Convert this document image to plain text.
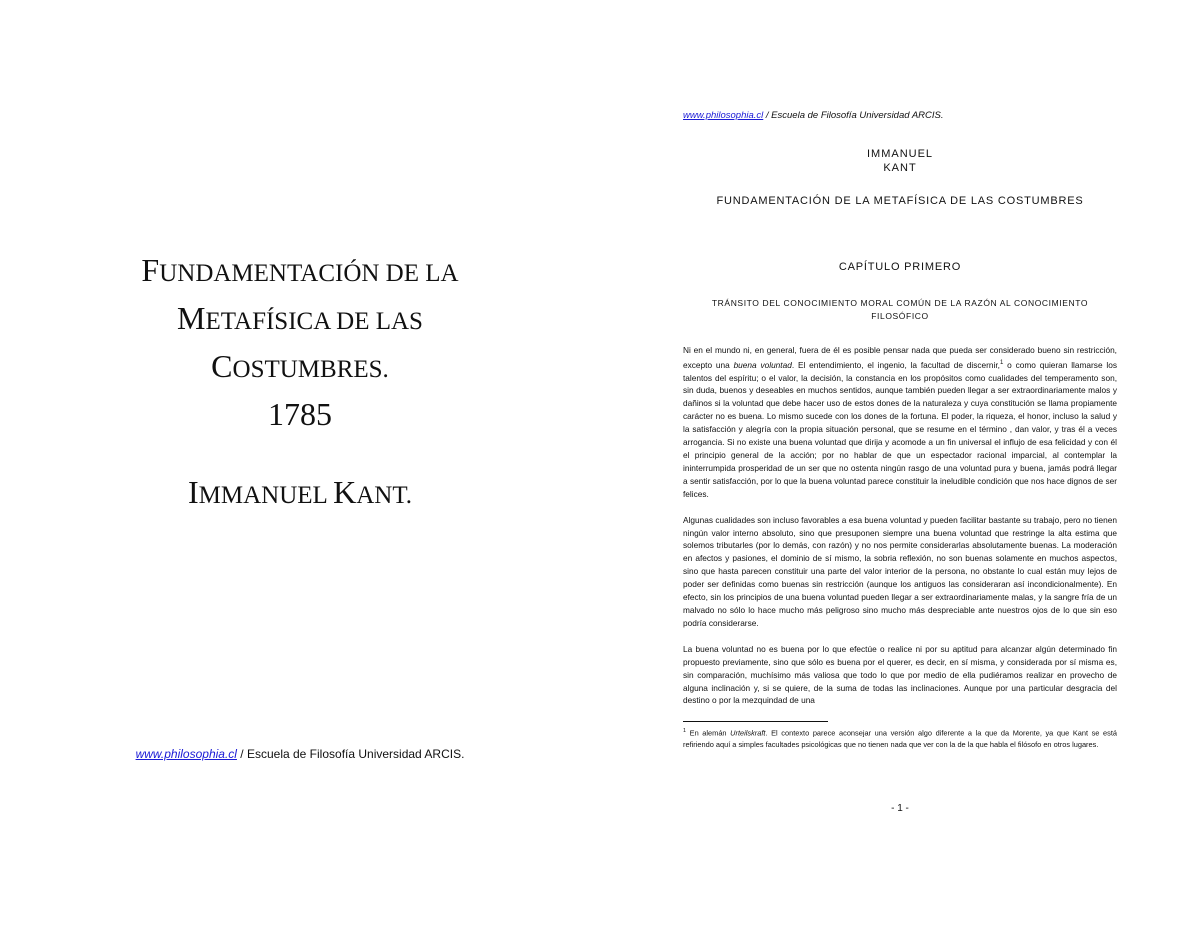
FUNDAMENTACIÓN DE LA
METAFÍSICA DE LAS
COSTUMBRES.
1785
IMMANUEL KANT.
www.philosophia.cl / Escuela de Filosofía Universidad ARCIS.

www.philosophia.cl / Escuela de Filosofía Universidad ARCIS.

IMMANUEL
KANT
FUNDAMENTACIÓN DE LA METAFÍSICA DE LAS COSTUMBRES
CAPÍTULO PRIMERO
TRÁNSITO DEL CONOCIMIENTO MORAL COMÚN DE LA RAZÓN AL CONOCIMIENTO FILOSÓFICO

Ni en el mundo ni, en general, fuera de él es posible pensar nada que pueda ser considerado bueno sin restricción, excepto una buena voluntad. El entendimiento, el ingenio, la facultad de discernir,$^1$ o como quieran llamarse los talentos del espíritu; o el valor, la decisión, la constancia en los propósitos como cualidades del temperamento son, sin duda, buenos y deseables en muchos sentidos, aunque también pueden llegar a ser extraordinariamente malos y dañinos si la voluntad que debe hacer uso de estos dones de la naturaleza y cuya constitución se llama propiamente carácter no es buena. Lo mismo sucede con los dones de la fortuna. El poder, la riqueza, el honor, incluso la salud y la satisfacción y alegría con la propia situación personal, que se resume en el término , dan valor, y tras él a veces arrogancia. Si no existe una buena voluntad que dirija y acomode a un fin universal el influjo de esa felicidad y con él el principio general de la acción; por no hablar de que un espectador racional imparcial, al contemplar la ininterrumpida prosperidad de un ser que no ostenta ningún rasgo de una voluntad pura y buena, jamás podrá llegar a sentir satisfacción, por lo que la buena voluntad parece constituir la ineludible condición que nos hace dignos de ser felices.

Algunas cualidades son incluso favorables a esa buena voluntad y pueden facilitar bastante su trabajo, pero no tienen ningún valor interno absoluto, sino que presuponen siempre una buena voluntad que restringe la alta estima que solemos tributarles (por lo demás, con razón) y no nos permite considerarlas absolutamente buenas. La moderación en afectos y pasiones, el dominio de sí mismo, la sobria reflexión, no son buenas solamente en muchos aspectos, sino que hasta parecen constituir una parte del valor interior de la persona, no obstante lo cual están muy lejos de poder ser definidas como buenas sin restricción (aunque los antiguos las consideraran así incondicionalmente). En efecto, sin los principios de una buena voluntad pueden llegar a ser extraordinariamente malas, y la sangre fría de un malvado no sólo lo hace mucho más peligroso sino mucho más despreciable ante nuestros ojos de lo que sin eso podría considerarse.

La buena voluntad no es buena por lo que efectúe o realice ni por su aptitud para alcanzar algún determinado fin propuesto previamente, sino que sólo es buena por el querer, es decir, en sí misma, y considerada por sí misma es, sin comparación, muchísimo más valiosa que todo lo que por medio de ella pudiéramos realizar en provecho de alguna inclinación y, si se quiere, de la suma de todas las inclinaciones. Aunque por una particular desgracia del destino o por la mezquindad de una

$^1$ En alemán Urteilskraft. El contexto parece aconsejar una versión algo diferente a la que da Morente, ya que Kant se está refiriendo aquí a simples facultades psicológicas que no tienen nada que ver con la de la que habla el filósofo en otros lugares.
- 1 -
